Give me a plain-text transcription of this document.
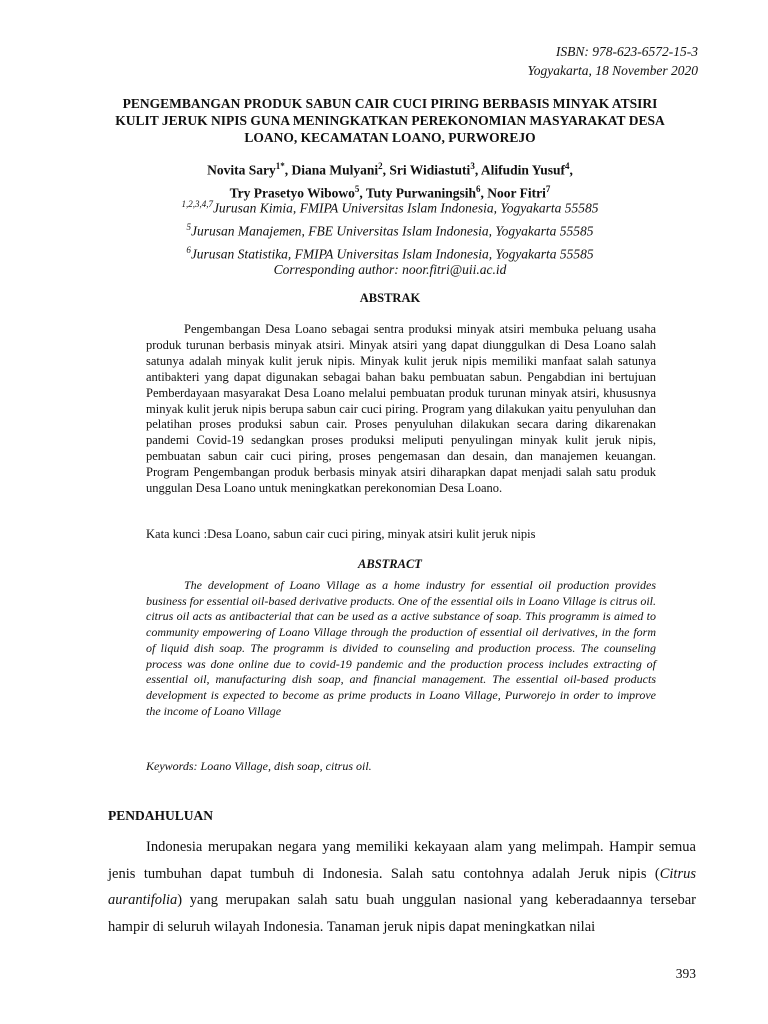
ISBN: 978-623-6572-15-3
Yogyakarta, 18 November 2020
PENGEMBANGAN PRODUK SABUN CAIR CUCI PIRING BERBASIS MINYAK ATSIRI KULIT JERUK NIPIS GUNA MENINGKATKAN PEREKONOMIAN MASYARAKAT DESA LOANO, KECAMATAN LOANO, PURWOREJO
Novita Sary$^{1*}$, Diana Mulyani$^2$, Sri Widiastuti$^3$, Alifudin Yusuf$^4$,
Try Prasetyo Wibowo$^5$, Tuty Purwaningsih$^6$, Noor Fitri$^7$
$^{1,2,3,4,7}$Jurusan Kimia, FMIPA Universitas Islam Indonesia, Yogyakarta 55585
$^5$Jurusan Manajemen, FBE Universitas Islam Indonesia, Yogyakarta 55585
$^6$Jurusan Statistika, FMIPA Universitas Islam Indonesia, Yogyakarta 55585
Corresponding author: noor.fitri@uii.ac.id
ABSTRAK

Pengembangan Desa Loano sebagai sentra produksi minyak atsiri membuka peluang usaha produk turunan berbasis minyak atsiri. Minyak atsiri yang dapat diunggulkan di Desa Loano salah satunya adalah minyak kulit jeruk nipis. Minyak kulit jeruk nipis memiliki manfaat salah satunya antibakteri yang dapat digunakan sebagai bahan baku pembuatan sabun. Pengabdian ini bertujuan Pemberdayaan masyarakat Desa Loano melalui pembuatan produk turunan minyak atsiri, khususnya minyak kulit jeruk nipis berupa sabun cair cuci piring. Program yang dilakukan yaitu penyuluhan dan pelatihan proses produksi sabun cair. Proses penyuluhan dilakukan secara daring dikarenakan pandemi Covid-19 sedangkan proses produksi meliputi penyulingan minyak kulit jeruk nipis, pembuatan sabun cair cuci piring, proses pengemasan dan desain, dan manajemen keuangan. Program Pengembangan produk berbasis minyak atsiri diharapkan dapat menjadi salah satu produk unggulan Desa Loano untuk meningkatkan perekonomian Desa Loano.

Kata kunci :Desa Loano, sabun cair cuci piring, minyak atsiri kulit jeruk nipis
ABSTRACT

The development of Loano Village as a home industry for essential oil production provides business for essential oil-based derivative products. One of the essential oils in Loano Village is citrus oil. citrus oil acts as antibacterial that can be used as a active substance of soap. This programm is aimed to community empowering of Loano Village through the production of essential oil derivatives, in the form of liquid dish soap. The programm is divided to counseling and production process. The counseling process was done online due to covid-19 pandemic and the production process includes extracting of essential oil, manufacturing dish soap, and financial management. The essential oil-based products development is expected to become as prime products in Loano Village, Purworejo in order to improve the income of Loano Village

Keywords: Loano Village, dish soap, citrus oil.
PENDAHULUAN

Indonesia merupakan negara yang memiliki kekayaan alam yang melimpah. Hampir semua jenis tumbuhan dapat tumbuh di Indonesia. Salah satu contohnya adalah Jeruk nipis (Citrus aurantifolia) yang merupakan salah satu buah unggulan nasional yang keberadaannya tersebar hampir di seluruh wilayah Indonesia. Tanaman jeruk nipis dapat meningkatkan nilai

393
